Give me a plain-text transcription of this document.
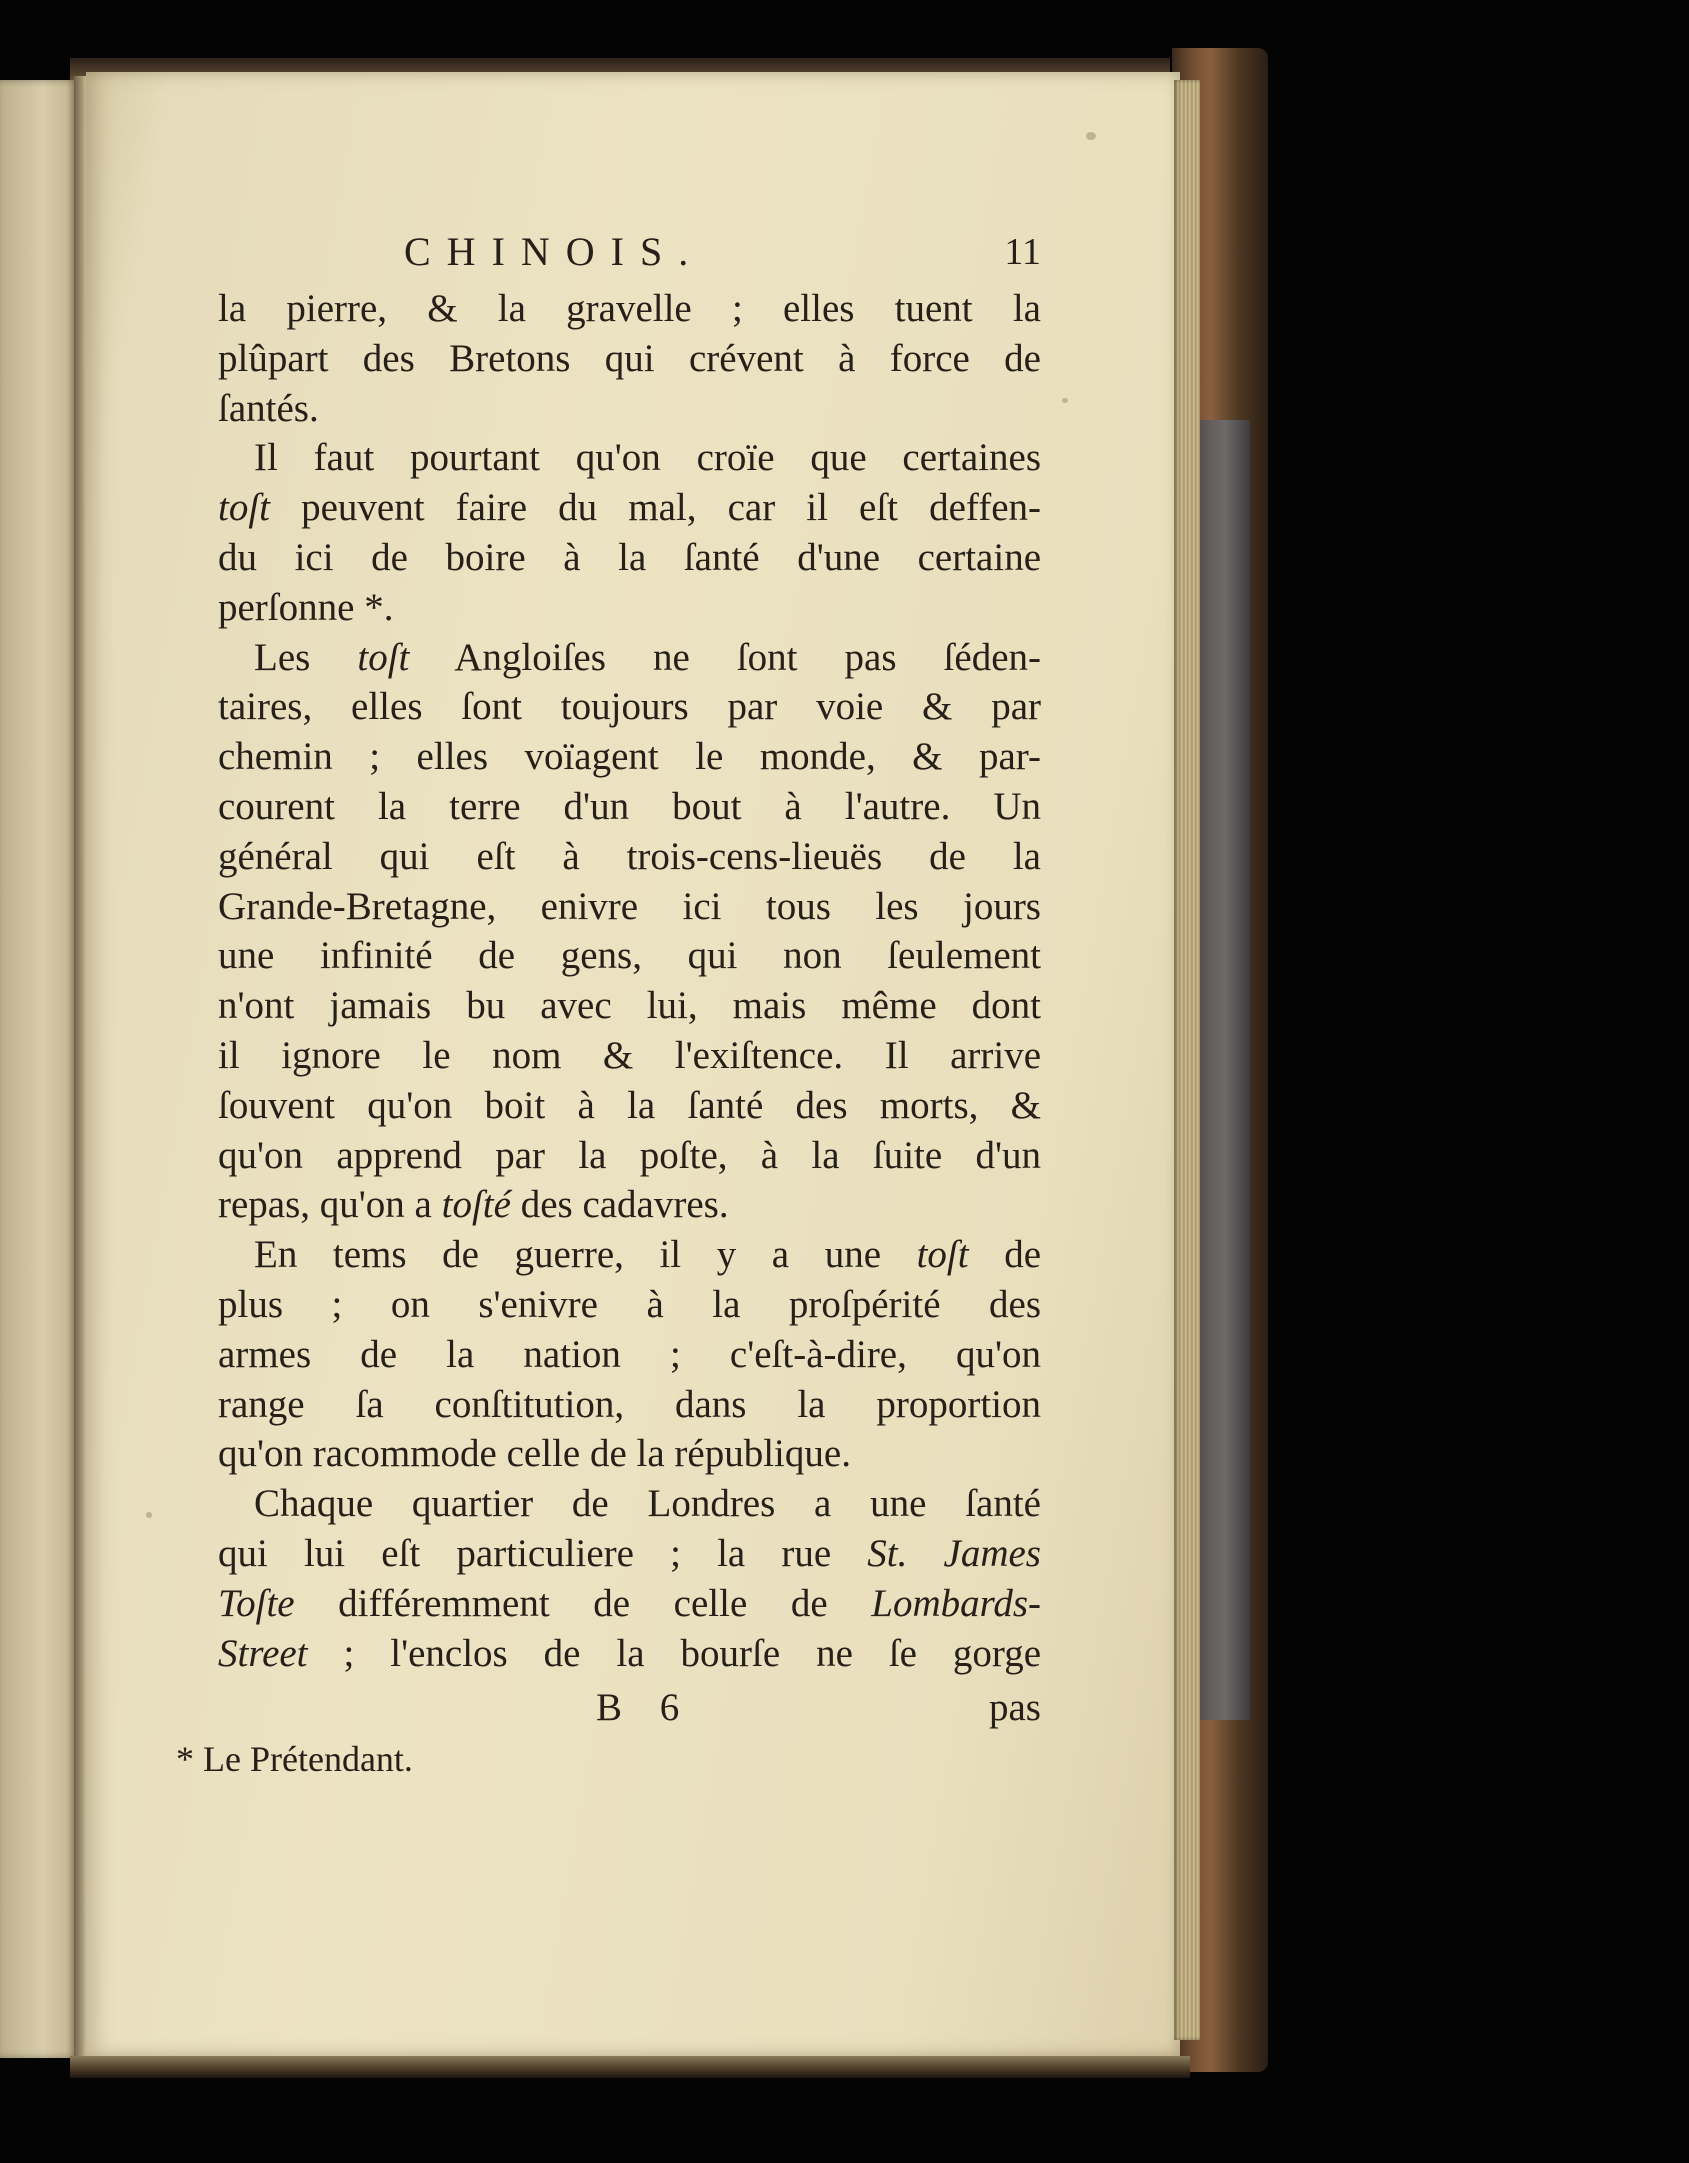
CHINOIS.	11
la pierre, & la gravelle ; elles tuent la
plûpart des Bretons qui crévent à force de
ſantés.
Il faut pourtant qu'on croïe que certaines
toſt peuvent faire du mal, car il eſt deffen-
du ici de boire à la ſanté d'une certaine
perſonne *.
Les toſt Angloiſes ne ſont pas ſéden-
taires, elles ſont toujours par voie & par
chemin ; elles voïagent le monde, & par-
courent la terre d'un bout à l'autre. Un
général qui eſt à trois-cens-lieuës de la
Grande-Bretagne, enivre ici tous les jours
une infinité de gens, qui non ſeulement
n'ont jamais bu avec lui, mais même dont
il ignore le nom & l'exiſtence. Il arrive
ſouvent qu'on boit à la ſanté des morts, &
qu'on apprend par la poſte, à la ſuite d'un
repas, qu'on a toſté des cadavres.
En tems de guerre, il y a une toſt de
plus ; on s'enivre à la proſpérité des
armes de la nation ; c'eſt-à-dire, qu'on
range ſa conſtitution, dans la proportion
qu'on racommode celle de la république.
Chaque quartier de Londres a une ſanté
qui lui eſt particuliere ; la rue St. James
Toſte différemment de celle de Lombards-
Street ; l'enclos de la bourſe ne ſe gorge
B 6	pas
* Le Prétendant.
